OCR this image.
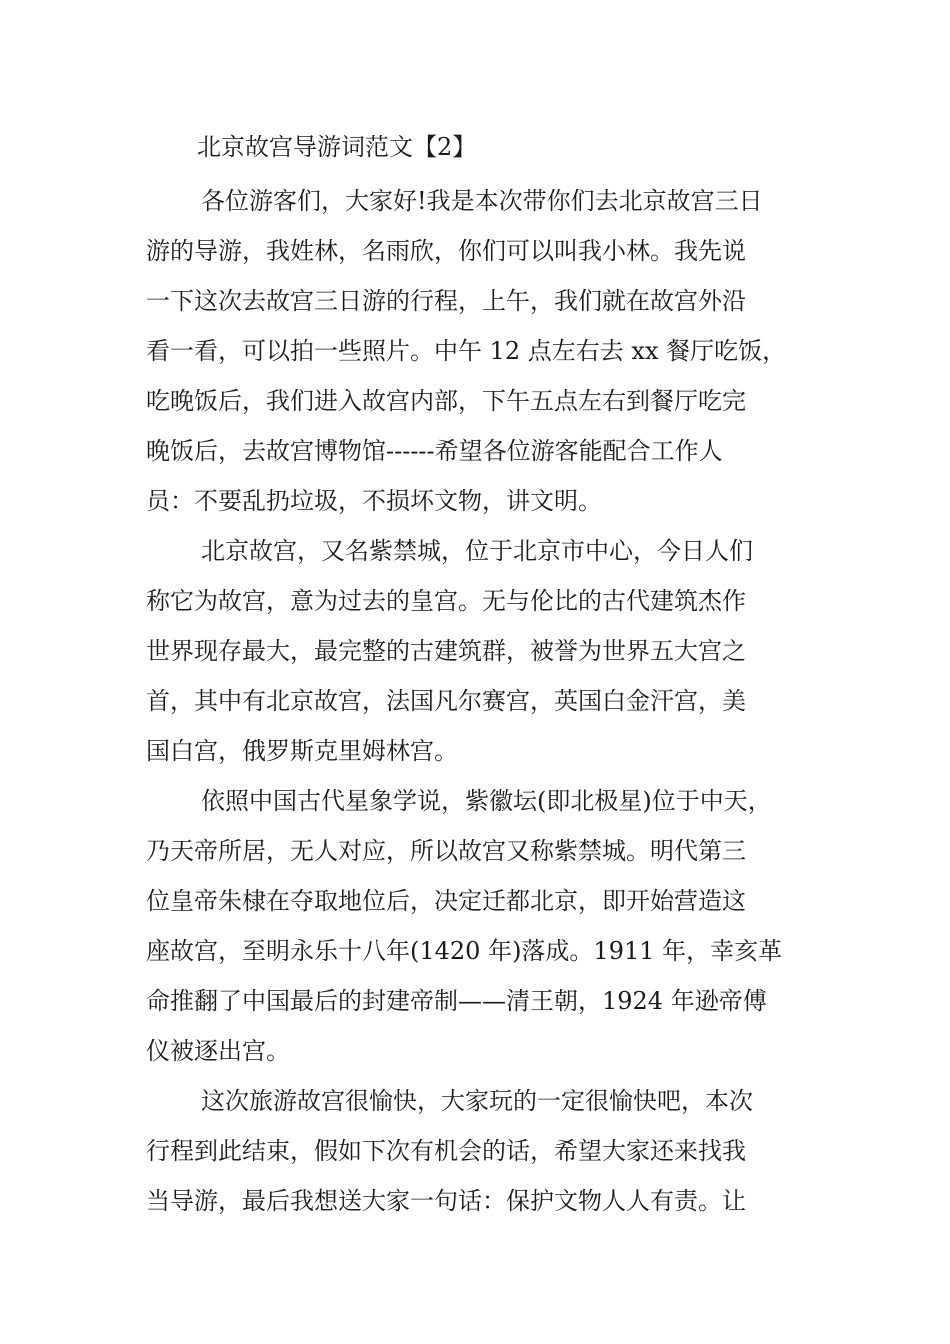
北京故宫导游词范文【2】
各位游客们，大家好!我是本次带你们去北京故宫三日
游的导游，我姓林，名雨欣，你们可以叫我小林。我先说
一下这次去故宫三日游的行程，上午，我们就在故宫外沿
看一看，可以拍一些照片。中午 12 点左右去 xx 餐厅吃饭，
吃晚饭后，我们进入故宫内部，下午五点左右到餐厅吃完
晚饭后，去故宫博物馆------希望各位游客能配合工作人
员：不要乱扔垃圾，不损坏文物，讲文明。
北京故宫，又名紫禁城，位于北京市中心，今日人们
称它为故宫，意为过去的皇宫。无与伦比的古代建筑杰作
世界现存最大，最完整的古建筑群，被誉为世界五大宫之
首，其中有北京故宫，法国凡尔赛宫，英国白金汗宫，美
国白宫，俄罗斯克里姆林宫。
依照中国古代星象学说，紫徽坛(即北极星)位于中天，
乃天帝所居，无人对应，所以故宫又称紫禁城。明代第三
位皇帝朱棣在夺取地位后，决定迁都北京，即开始营造这
座故宫，至明永乐十八年(1420 年)落成。1911 年，幸亥革
命推翻了中国最后的封建帝制——清王朝，1924 年逊帝傅
仪被逐出宫。
这次旅游故宫很愉快，大家玩的一定很愉快吧，本次
行程到此结束，假如下次有机会的话，希望大家还来找我
当导游，最后我想送大家一句话：保护文物人人有责。让
